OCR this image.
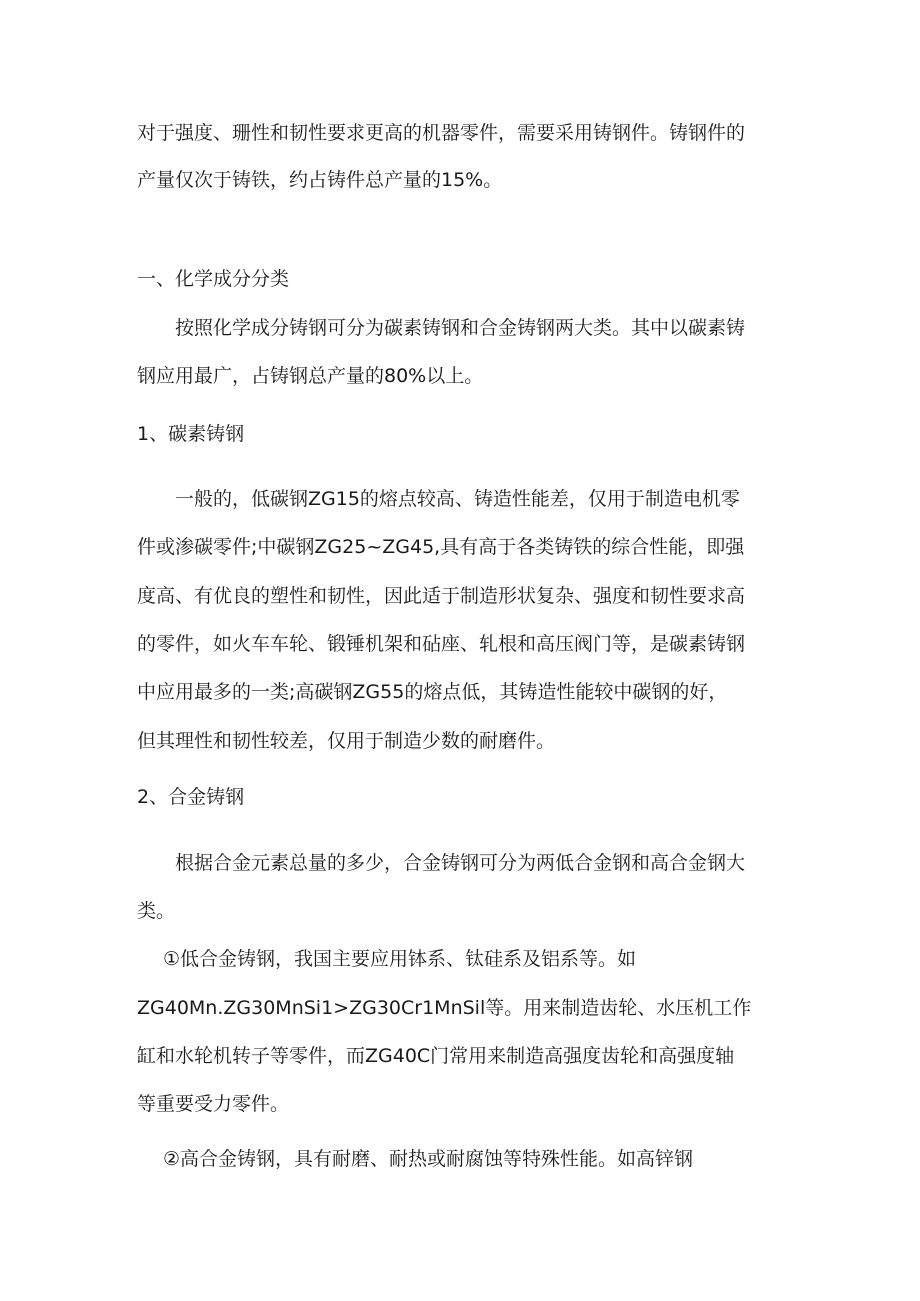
对于强度、珊性和韧性要求更高的机器零件，需要采用铸钢件。铸钢件的

产量仅次于铸铁，约占铸件总产量的15%。

一、化学成分分类

按照化学成分铸钢可分为碳素铸钢和合金铸钢两大类。其中以碳素铸

钢应用最广，占铸钢总产量的80%以上。

1、碳素铸钢

一般的，低碳钢ZG15的熔点较高、铸造性能差，仅用于制造电机零

件或渗碳零件;中碳钢ZG25~ZG45,具有高于各类铸铁的综合性能，即强

度高、有优良的塑性和韧性，因此适于制造形状复杂、强度和韧性要求高

的零件，如火车车轮、锻锤机架和砧座、轧根和高压阀门等，是碳素铸钢

中应用最多的一类;高碳钢ZG55的熔点低，其铸造性能较中碳钢的好，

但其理性和韧性较差，仅用于制造少数的耐磨件。

2、合金铸钢

根据合金元素总量的多少，合金铸钢可分为两低合金钢和高合金钢大

类。

①低合金铸钢，我国主要应用钵系、钛硅系及铝系等。如

ZG40Mn.ZG30MnSi1>ZG30Cr1MnSil等。用来制造齿轮、水压机工作

缸和水轮机转子等零件，而ZG40C门常用来制造高强度齿轮和高强度轴

等重要受力零件。

②高合金铸钢，具有耐磨、耐热或耐腐蚀等特殊性能。如高锌钢
